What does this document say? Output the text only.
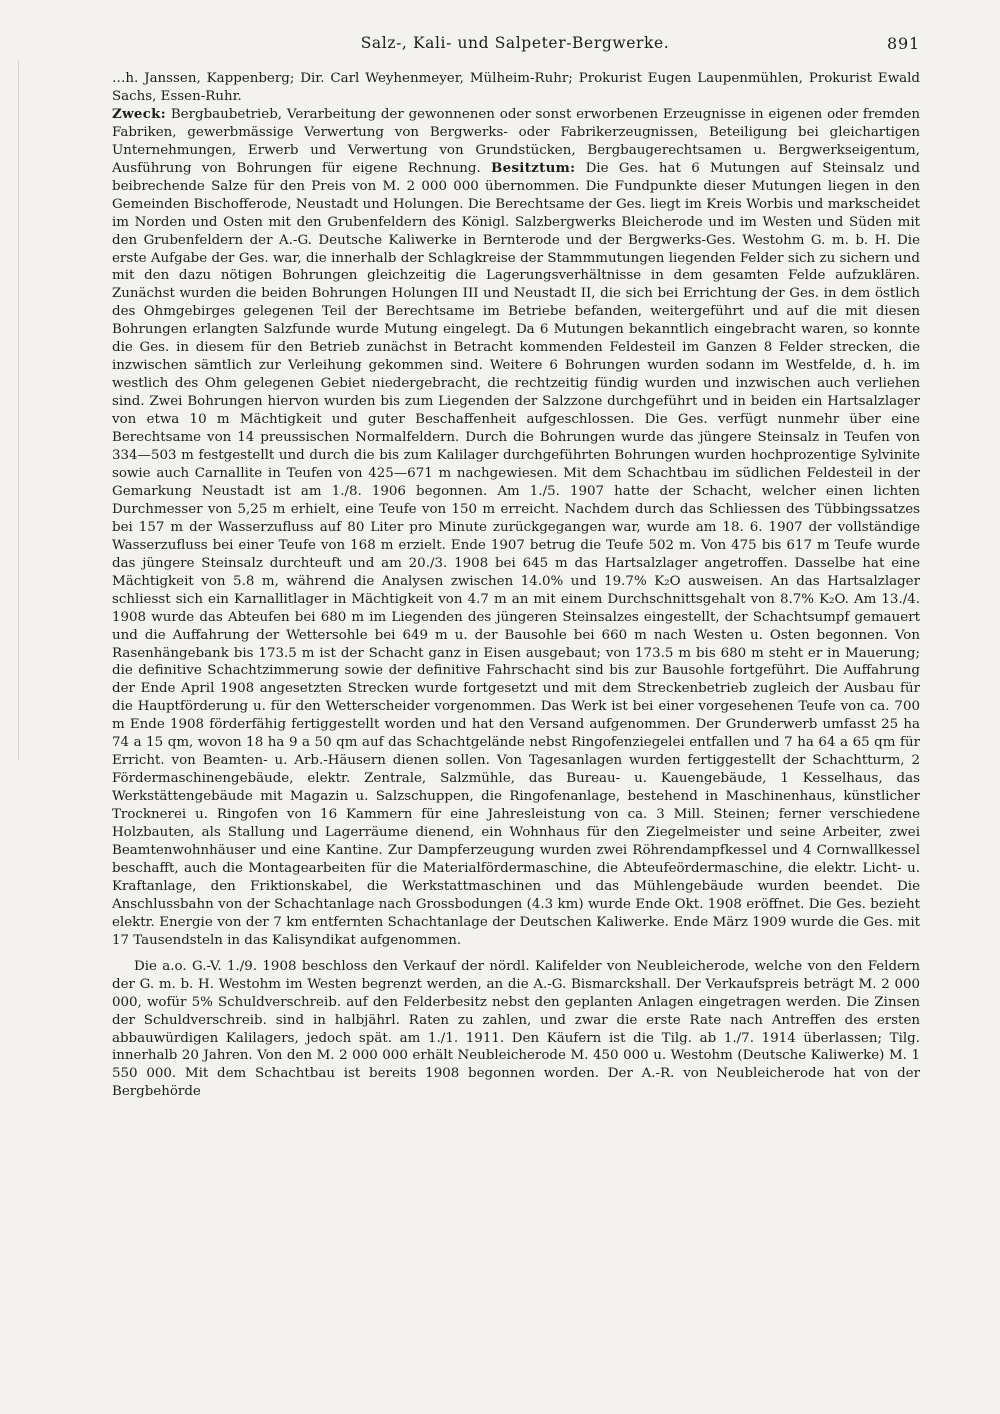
Salz-, Kali- und Salpeter-Bergwerke.	891

…h. Janssen, Kappenberg; Dir. Carl Weyhenmeyer, Mülheim-Ruhr; Prokurist Eugen Laupenmühlen, Prokurist Ewald Sachs, Essen-Ruhr.

Zweck: Bergbaubetrieb, Verarbeitung der gewonnenen oder sonst erworbenen Erzeugnisse in eigenen oder fremden Fabriken, gewerbmässige Verwertung von Bergwerks- oder Fabrikerzeugnissen, Beteiligung bei gleichartigen Unternehmungen, Erwerb und Verwertung von Grundstücken, Bergbaugerechtsamen u. Bergwerkseigentum, Ausführung von Bohrungen für eigene Rechnung. Besitztum: Die Ges. hat 6 Mutungen auf Steinsalz und beibrechende Salze für den Preis von M. 2 000 000 übernommen. Die Fundpunkte dieser Mutungen liegen in den Gemeinden Bischofferode, Neustadt und Holungen. Die Berechtsame der Ges. liegt im Kreis Worbis und markscheidet im Norden und Osten mit den Grubenfeldern des Königl. Salzbergwerks Bleicherode und im Westen und Süden mit den Grubenfeldern der A.-G. Deutsche Kaliwerke in Bernterode und der Bergwerks-Ges. Westohm G. m. b. H. Die erste Aufgabe der Ges. war, die innerhalb der Schlagkreise der Stammmutungen liegenden Felder sich zu sichern und mit den dazu nötigen Bohrungen gleichzeitig die Lagerungsverhältnisse in dem gesamten Felde aufzuklären. Zunächst wurden die beiden Bohrungen Holungen III und Neustadt II, die sich bei Errichtung der Ges. in dem östlich des Ohmgebirges gelegenen Teil der Berechtsame im Betriebe befanden, weitergeführt und auf die mit diesen Bohrungen erlangten Salzfunde wurde Mutung eingelegt. Da 6 Mutungen bekanntlich eingebracht waren, so konnte die Ges. in diesem für den Betrieb zunächst in Betracht kommenden Feldesteil im Ganzen 8 Felder strecken, die inzwischen sämtlich zur Verleihung gekommen sind. Weitere 6 Bohrungen wurden sodann im Westfelde, d. h. im westlich des Ohm gelegenen Gebiet niedergebracht, die rechtzeitig fündig wurden und inzwischen auch verliehen sind. Zwei Bohrungen hiervon wurden bis zum Liegenden der Salzzone durchgeführt und in beiden ein Hartsalzlager von etwa 10 m Mächtigkeit und guter Beschaffenheit aufgeschlossen. Die Ges. verfügt nunmehr über eine Berechtsame von 14 preussischen Normalfeldern. Durch die Bohrungen wurde das jüngere Steinsalz in Teufen von 334—503 m festgestellt und durch die bis zum Kalilager durchgeführten Bohrungen wurden hochprozentige Sylvinite sowie auch Carnallite in Teufen von 425—671 m nachgewiesen. Mit dem Schachtbau im südlichen Feldesteil in der Gemarkung Neustadt ist am 1./8. 1906 begonnen. Am 1./5. 1907 hatte der Schacht, welcher einen lichten Durchmesser von 5,25 m erhielt, eine Teufe von 150 m erreicht. Nachdem durch das Schliessen des Tübbingssatzes bei 157 m der Wasserzufluss auf 80 Liter pro Minute zurückgegangen war, wurde am 18. 6. 1907 der vollständige Wasserzufluss bei einer Teufe von 168 m erzielt. Ende 1907 betrug die Teufe 502 m. Von 475 bis 617 m Teufe wurde das jüngere Steinsalz durchteuft und am 20./3. 1908 bei 645 m das Hartsalzlager angetroffen. Dasselbe hat eine Mächtigkeit von 5.8 m, während die Analysen zwischen 14.0% und 19.7% K₂O ausweisen. An das Hartsalzlager schliesst sich ein Karnallitlager in Mächtigkeit von 4.7 m an mit einem Durchschnittsgehalt von 8.7% K₂O. Am 13./4. 1908 wurde das Abteufen bei 680 m im Liegenden des jüngeren Steinsalzes eingestellt, der Schachtsumpf gemauert und die Auffahrung der Wettersohle bei 649 m u. der Bausohle bei 660 m nach Westen u. Osten begonnen. Von Rasenhängebank bis 173.5 m ist der Schacht ganz in Eisen ausgebaut; von 173.5 m bis 680 m steht er in Mauerung; die definitive Schachtzimmerung sowie der definitive Fahrschacht sind bis zur Bausohle fortgeführt. Die Auffahrung der Ende April 1908 angesetzten Strecken wurde fortgesetzt und mit dem Streckenbetrieb zugleich der Ausbau für die Hauptförderung u. für den Wetterscheider vorgenommen. Das Werk ist bei einer vorgesehenen Teufe von ca. 700 m Ende 1908 förderfähig fertiggestellt worden und hat den Versand aufgenommen. Der Grunderwerb umfasst 25 ha 74 a 15 qm, wovon 18 ha 9 a 50 qm auf das Schachtgelände nebst Ringofenziegelei entfallen und 7 ha 64 a 65 qm für Erricht. von Beamten- u. Arb.-Häusern dienen sollen. Von Tagesanlagen wurden fertiggestellt der Schachtturm, 2 Fördermaschinengebäude, elektr. Zentrale, Salzmühle, das Bureau- u. Kauengebäude, 1 Kesselhaus, das Werkstättengebäude mit Magazin u. Salzschuppen, die Ringofenanlage, bestehend in Maschinenhaus, künstlicher Trocknerei u. Ringofen von 16 Kammern für eine Jahresleistung von ca. 3 Mill. Steinen; ferner verschiedene Holzbauten, als Stallung und Lagerräume dienend, ein Wohnhaus für den Ziegelmeister und seine Arbeiter, zwei Beamtenwohnhäuser und eine Kantine. Zur Dampferzeugung wurden zwei Röhrendampfkessel und 4 Cornwallkessel beschafft, auch die Montagearbeiten für die Materialfördermaschine, die Abteufeördermaschine, die elektr. Licht- u. Kraftanlage, den Friktionskabel, die Werkstattmaschinen und das Mühlengebäude wurden beendet. Die Anschlussbahn von der Schachtanlage nach Grossbodungen (4.3 km) wurde Ende Okt. 1908 eröffnet. Die Ges. bezieht elektr. Energie von der 7 km entfernten Schachtanlage der Deutschen Kaliwerke. Ende März 1909 wurde die Ges. mit 17 Tausendsteln in das Kalisyndikat aufgenommen.

Die a.o. G.-V. 1./9. 1908 beschloss den Verkauf der nördl. Kalifelder von Neubleicherode, welche von den Feldern der G. m. b. H. Westohm im Westen begrenzt werden, an die A.-G. Bismarckshall. Der Verkaufspreis beträgt M. 2 000 000, wofür 5% Schuldverschreib. auf den Felderbesitz nebst den geplanten Anlagen eingetragen werden. Die Zinsen der Schuldverschreib. sind in halbjährl. Raten zu zahlen, und zwar die erste Rate nach Antreffen des ersten abbauwürdigen Kalilagers, jedoch spät. am 1./1. 1911. Den Käufern ist die Tilg. ab 1./7. 1914 überlassen; Tilg. innerhalb 20 Jahren. Von den M. 2 000 000 erhält Neubleicherode M. 450 000 u. Westohm (Deutsche Kaliwerke) M. 1 550 000. Mit dem Schachtbau ist bereits 1908 begonnen worden. Der A.-R. von Neubleicherode hat von der Bergbehörde
